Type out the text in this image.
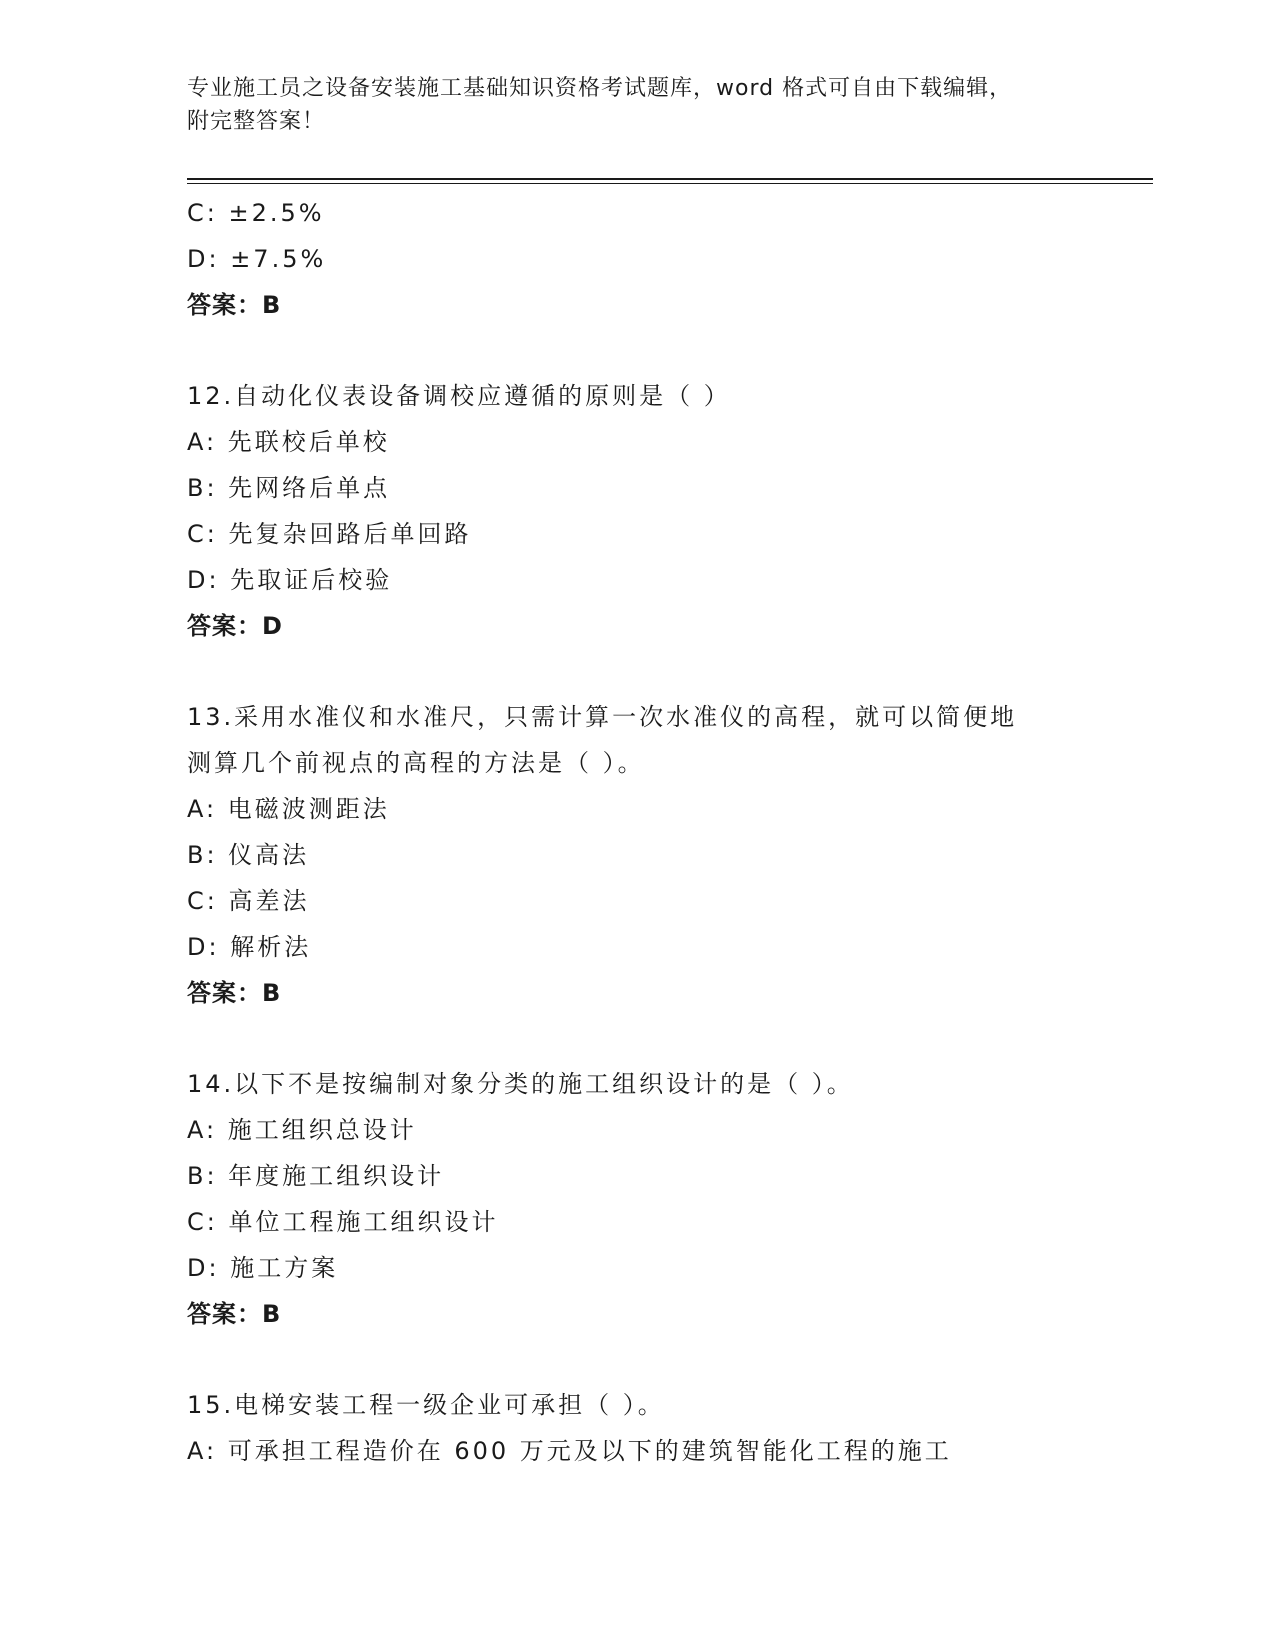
专业施工员之设备安装施工基础知识资格考试题库，word 格式可自由下载编辑，
附完整答案！
C: ±2.5%
D: ±7.5%
答案：B
12.自动化仪表设备调校应遵循的原则是（ ）
A: 先联校后单校
B: 先网络后单点
C: 先复杂回路后单回路
D: 先取证后校验
答案：D
13.采用水准仪和水准尺，只需计算一次水准仪的高程，就可以简便地
测算几个前视点的高程的方法是（ ）。
A: 电磁波测距法
B: 仪高法
C: 高差法
D: 解析法
答案：B
14.以下不是按编制对象分类的施工组织设计的是（ ）。
A: 施工组织总设计
B: 年度施工组织设计
C: 单位工程施工组织设计
D: 施工方案
答案：B
15.电梯安装工程一级企业可承担（ ）。
A: 可承担工程造价在 600 万元及以下的建筑智能化工程的施工
